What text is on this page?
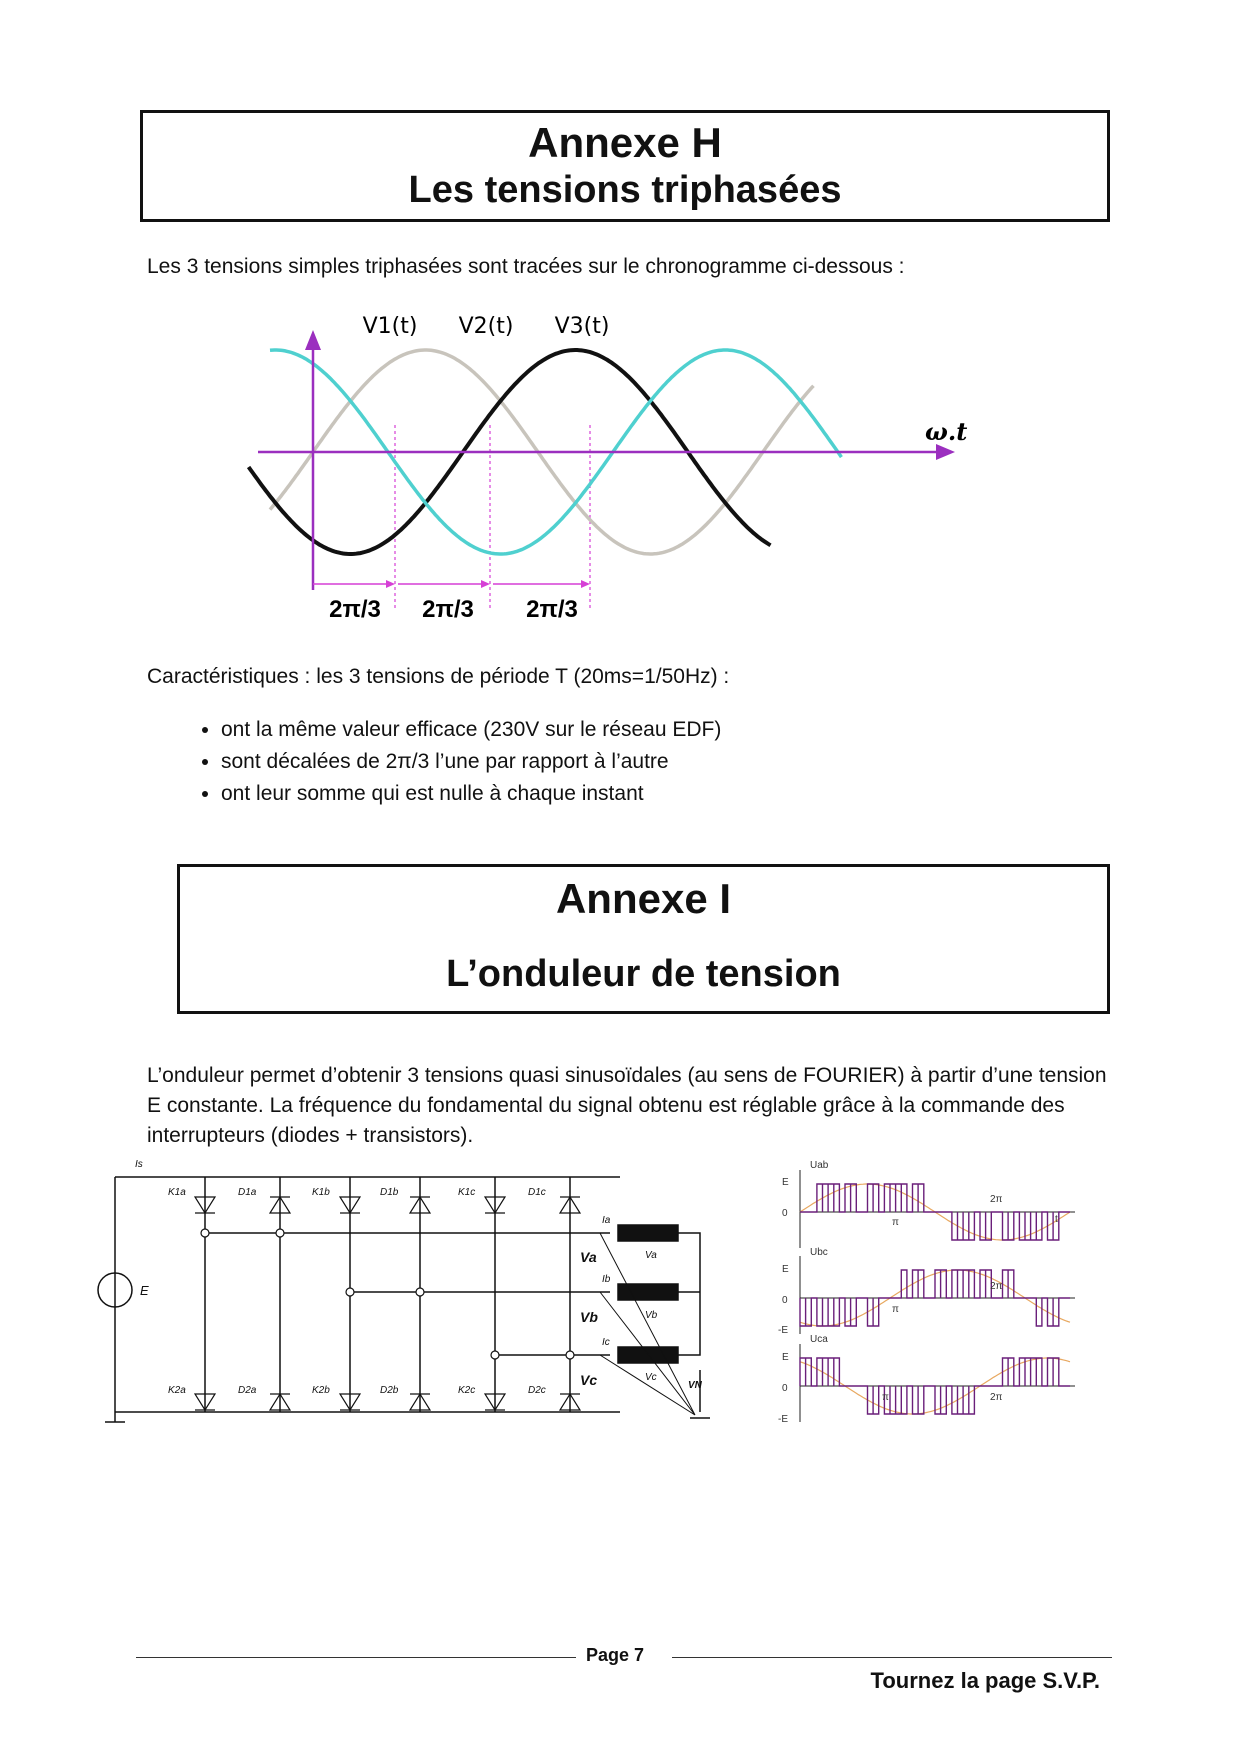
Annexe H
Les tensions triphasées

Les 3 tensions simples triphasées sont tracées sur le chronogramme ci-dessous :

V1(t) V2(t) V3(t)
ω.t
2π/3 2π/3 2π/3

Caractéristiques : les 3 tensions de période T (20ms=1/50Hz) :

• ont la même valeur efficace (230V sur le réseau EDF)
• sont décalées de 2π/3 l’une par rapport à l’autre
• ont leur somme qui est nulle à chaque instant
Annexe I
L’onduleur de tension

L’onduleur permet d’obtenir 3 tensions quasi sinusoïdales (au sens de FOURIER) à partir d’une tension E constante. La fréquence du fondamental du signal obtenu est réglable grâce à la commande des interrupteurs (diodes + transistors).

Is
E
K1a	D1a	K1b	D1b	K1c	D1c
K2a	D2a	K2b	D2b	K2c	D2c
Ia
Ib
Ic
Va
Vb
Vc
Va
Vb
Vc
VN
Uab
Ubc
Uca
E
0
E
0
-E
E
0
-E
π
π
π
2π
2π
2π
t
Page 7
Tournez la page S.V.P.
